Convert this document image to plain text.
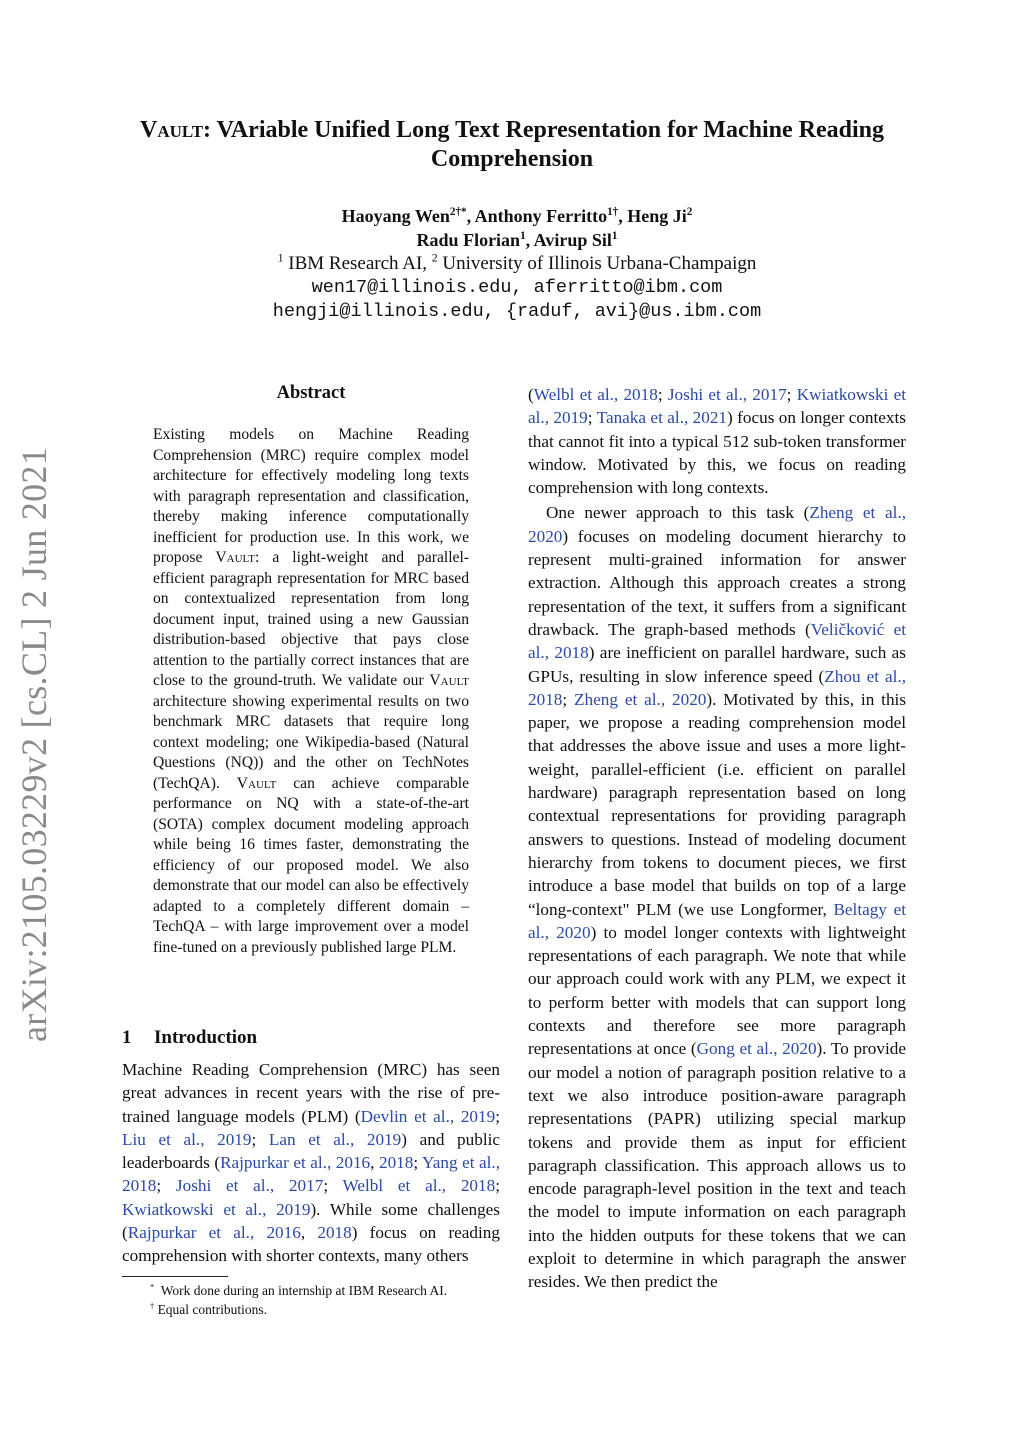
arXiv:2105.03229v2 [cs.CL] 2 Jun 2021
Vault: VAriable Unified Long Text Representation for Machine Reading
Comprehension
Haoyang Wen$^{2\dagger*}$, Anthony Ferritto$^{1\dagger}$, Heng Ji$^2$
Radu Florian$^1$, Avirup Sil$^1$
$^1$ IBM Research AI, $^2$ University of Illinois Urbana-Champaign
wen17@illinois.edu, aferritto@ibm.com
hengji@illinois.edu, {raduf, avi}@us.ibm.com
Abstract
Existing models on Machine Reading Comprehension (MRC) require complex model architecture for effectively modeling long texts with paragraph representation and classification, thereby making inference computationally inefficient for production use. In this work, we propose Vault: a light-weight and parallel-efficient paragraph representation for MRC based on contextualized representation from long document input, trained using a new Gaussian distribution-based objective that pays close attention to the partially correct instances that are close to the ground-truth. We validate our Vault architecture showing experimental results on two benchmark MRC datasets that require long context modeling; one Wikipedia-based (Natural Questions (NQ)) and the other on TechNotes (TechQA). Vault can achieve comparable performance on NQ with a state-of-the-art (SOTA) complex document modeling approach while being 16 times faster, demonstrating the efficiency of our proposed model. We also demonstrate that our model can also be effectively adapted to a completely different domain – TechQA – with large improvement over a model fine-tuned on a previously published large PLM.
1 Introduction
Machine Reading Comprehension (MRC) has seen great advances in recent years with the rise of pre-trained language models (PLM) (Devlin et al., 2019; Liu et al., 2019; Lan et al., 2019) and public leaderboards (Rajpurkar et al., 2016, 2018; Yang et al., 2018; Joshi et al., 2017; Welbl et al., 2018; Kwiatkowski et al., 2019). While some challenges (Rajpurkar et al., 2016, 2018) focus on reading comprehension with shorter contexts, many others
* Work done during an internship at IBM Research AI.
† Equal contributions.

(Welbl et al., 2018; Joshi et al., 2017; Kwiatkowski et al., 2019; Tanaka et al., 2021) focus on longer contexts that cannot fit into a typical 512 sub-token transformer window. Motivated by this, we focus on reading comprehension with long contexts.

One newer approach to this task (Zheng et al., 2020) focuses on modeling document hierarchy to represent multi-grained information for answer extraction. Although this approach creates a strong representation of the text, it suffers from a significant drawback. The graph-based methods (Veličković et al., 2018) are inefficient on parallel hardware, such as GPUs, resulting in slow inference speed (Zhou et al., 2018; Zheng et al., 2020). Motivated by this, in this paper, we propose a reading comprehension model that addresses the above issue and uses a more light-weight, parallel-efficient (i.e. efficient on parallel hardware) paragraph representation based on long contextual representations for providing paragraph answers to questions. Instead of modeling document hierarchy from tokens to document pieces, we first introduce a base model that builds on top of a large “long-context" PLM (we use Longformer, Beltagy et al., 2020) to model longer contexts with lightweight representations of each paragraph. We note that while our approach could work with any PLM, we expect it to perform better with models that can support long contexts and therefore see more paragraph representations at once (Gong et al., 2020). To provide our model a notion of paragraph position relative to a text we also introduce position-aware paragraph representations (PAPR) utilizing special markup tokens and provide them as input for efficient paragraph classification. This approach allows us to encode paragraph-level position in the text and teach the model to impute information on each paragraph into the hidden outputs for these tokens that we can exploit to determine in which paragraph the answer resides. We then predict the
